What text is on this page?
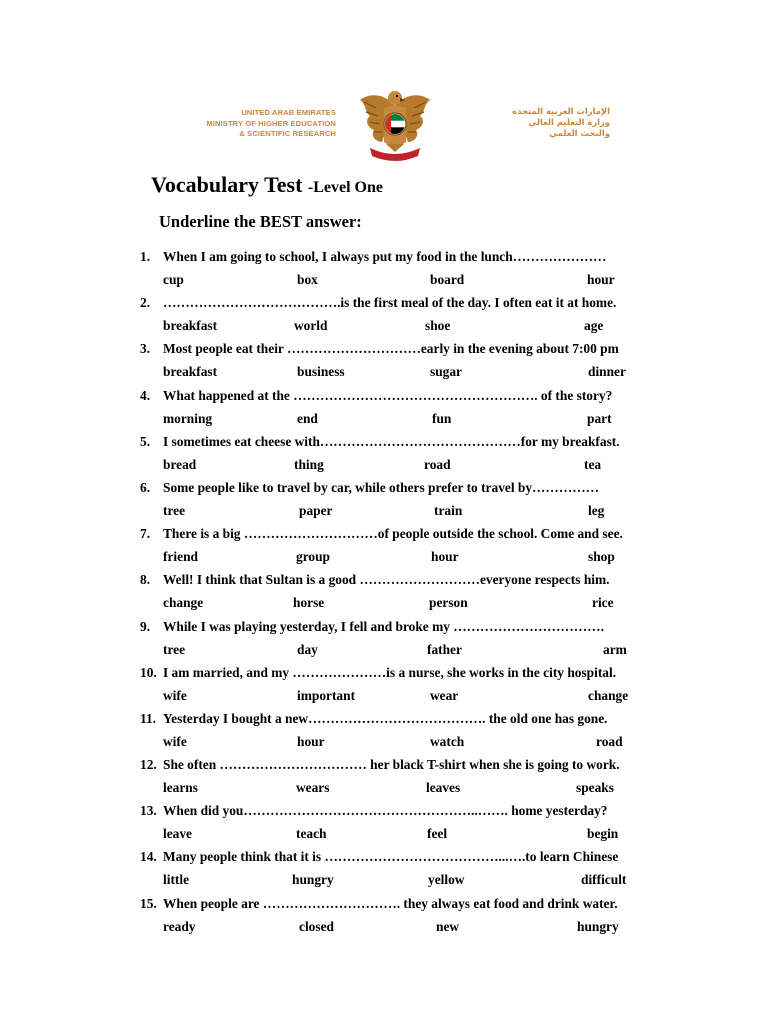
UNITED ARAB EMIRATES
MINISTRY OF HIGHER EDUCATION
& SCIENTIFIC RESEARCH
الإمارات العربية المتحدة
وزارة التعليم العالي
والبحث العلمي
Vocabulary Test -Level One
Underline the BEST answer:
1. When I am going to school, I always put my food in the lunch…………………
cup	box	board	hour
2. ………………………………….is the first meal of the day. I often eat it at home.
breakfast	world	shoe	age
3. Most people eat their …………………………early in the evening about 7:00 pm
breakfast	business	sugar	dinner
4. What happened at the ………………………………………………. of the story?
morning	end	fun	part
5. I sometimes eat cheese with………………………………………for my breakfast.
bread	thing	road	tea
6. Some people like to travel by car, while others prefer to travel by……………
tree	paper	train	leg
7. There is a big …………………………of people outside the school. Come and see.
friend	group	hour	shop
8. Well! I think that Sultan is a good ………………………everyone respects him.
change	horse	person	rice
9. While I was playing yesterday, I fell and broke my …………………………….
tree	day	father	arm
10. I am married, and my …………………is a nurse, she works in the city hospital.
wife	important	wear	change
11. Yesterday I bought a new…………………………………. the old one has gone.
wife	hour	watch	road
12. She often …………………………… her black T-shirt when she is going to work.
learns	wears	leaves	speaks
13. When did you……………………………………………..……. home yesterday?
leave	teach	feel	begin
14. Many people think that it is …………………………………...….to learn Chinese
little	hungry	yellow	difficult
15. When people are …………………………. they always eat food and drink water.
ready	closed	new	hungry
